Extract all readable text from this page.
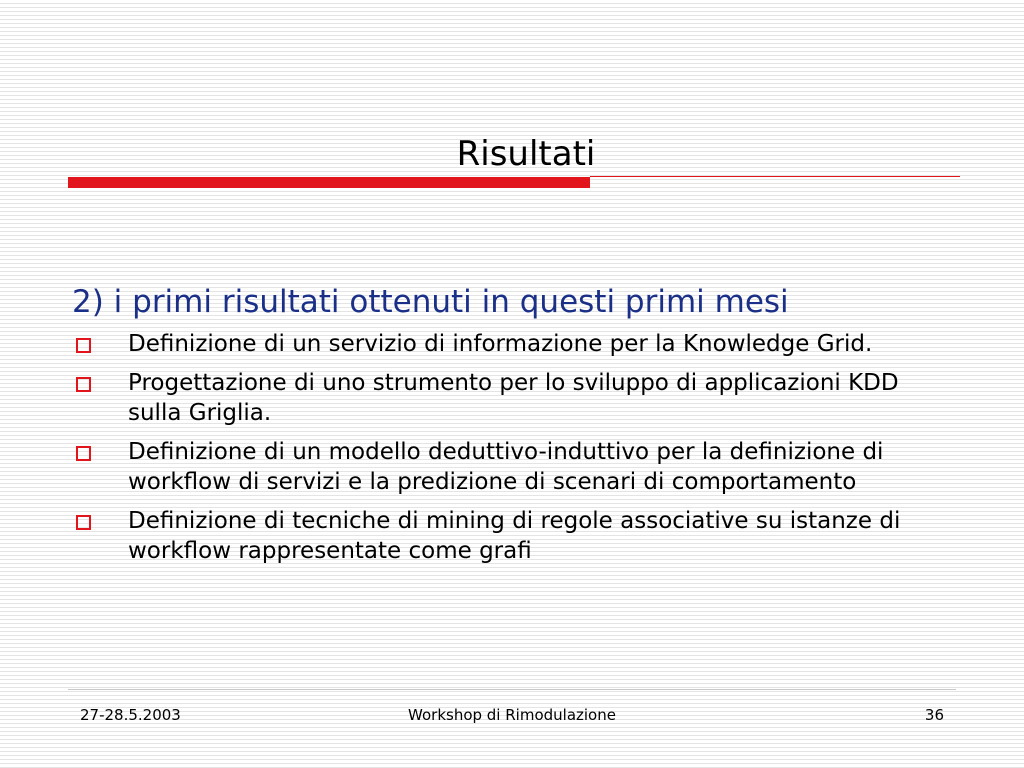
Risultati
2) i primi risultati ottenuti in questi primi mesi
Definizione di un servizio di informazione per la Knowledge Grid.
Progettazione di uno strumento per lo sviluppo di applicazioni KDD sulla Griglia.
Definizione di un modello deduttivo-induttivo per la definizione di workflow di servizi e la predizione di scenari di comportamento
Definizione di tecniche di mining di regole associative su istanze di workflow rappresentate come grafi
27-28.5.2003	Workshop di Rimodulazione	36
